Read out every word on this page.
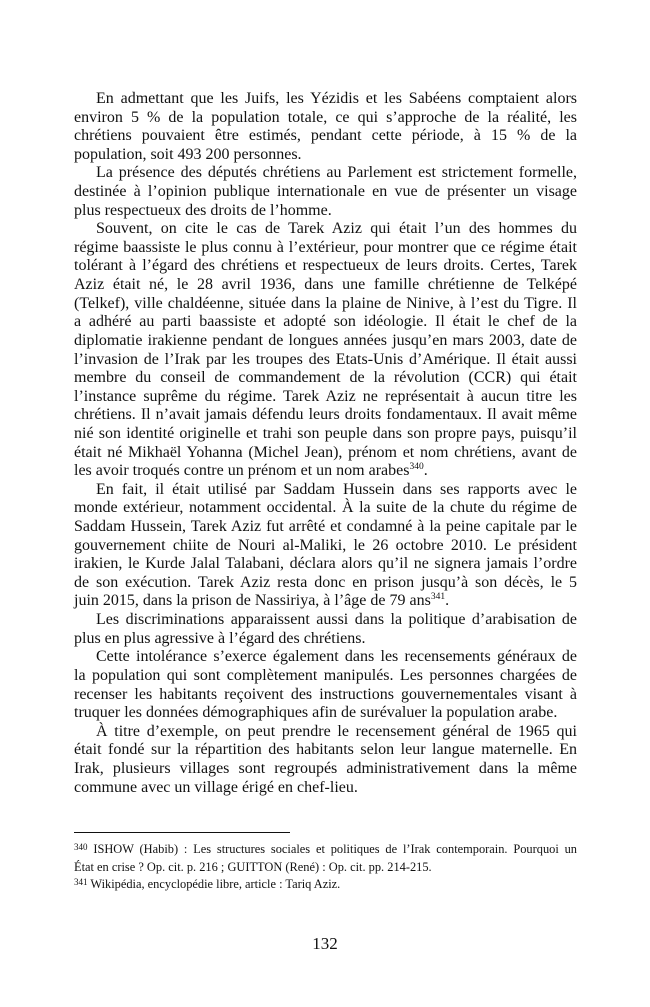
En admettant que les Juifs, les Yézidis et les Sabéens comptaient alors
environ 5 % de la population totale, ce qui s’approche de la réalité, les
chrétiens pouvaient être estimés, pendant cette période, à 15 % de la
population, soit 493 200 personnes.
La présence des députés chrétiens au Parlement est strictement formelle,
destinée à l’opinion publique internationale en vue de présenter un visage
plus respectueux des droits de l’homme.
Souvent, on cite le cas de Tarek Aziz qui était l’un des hommes du
régime baassiste le plus connu à l’extérieur, pour montrer que ce régime était
tolérant à l’égard des chrétiens et respectueux de leurs droits. Certes, Tarek
Aziz était né, le 28 avril 1936, dans une famille chrétienne de Telképé
(Telkef), ville chaldéenne, située dans la plaine de Ninive, à l’est du Tigre. Il
a adhéré au parti baassiste et adopté son idéologie. Il était le chef de la
diplomatie irakienne pendant de longues années jusqu’en mars 2003, date de
l’invasion de l’Irak par les troupes des Etats-Unis d’Amérique. Il était aussi
membre du conseil de commandement de la révolution (CCR) qui était
l’instance suprême du régime. Tarek Aziz ne représentait à aucun titre les
chrétiens. Il n’avait jamais défendu leurs droits fondamentaux. Il avait même
nié son identité originelle et trahi son peuple dans son propre pays, puisqu’il
était né Mikhaël Yohanna (Michel Jean), prénom et nom chrétiens, avant de
les avoir troqués contre un prénom et un nom arabes$^{340}$.
En fait, il était utilisé par Saddam Hussein dans ses rapports avec le
monde extérieur, notamment occidental. À la suite de la chute du régime de
Saddam Hussein, Tarek Aziz fut arrêté et condamné à la peine capitale par le
gouvernement chiite de Nouri al-Maliki, le 26 octobre 2010. Le président
irakien, le Kurde Jalal Talabani, déclara alors qu’il ne signera jamais l’ordre
de son exécution. Tarek Aziz resta donc en prison jusqu’à son décès, le 5
juin 2015, dans la prison de Nassiriya, à l’âge de 79 ans$^{341}$.
Les discriminations apparaissent aussi dans la politique d’arabisation de
plus en plus agressive à l’égard des chrétiens.
Cette intolérance s’exerce également dans les recensements généraux de
la population qui sont complètement manipulés. Les personnes chargées de
recenser les habitants reçoivent des instructions gouvernementales visant à
truquer les données démographiques afin de surévaluer la population arabe.
À titre d’exemple, on peut prendre le recensement général de 1965 qui
était fondé sur la répartition des habitants selon leur langue maternelle. En
Irak, plusieurs villages sont regroupés administrativement dans la même
commune avec un village érigé en chef-lieu.
$^{340}$ ISHOW (Habib) : Les structures sociales et politiques de l’Irak contemporain. Pourquoi un
État en crise ? Op. cit. p. 216 ; GUITTON (René) : Op. cit. pp. 214-215.
$^{341}$ Wikipédia, encyclopédie libre, article : Tariq Aziz.
132
